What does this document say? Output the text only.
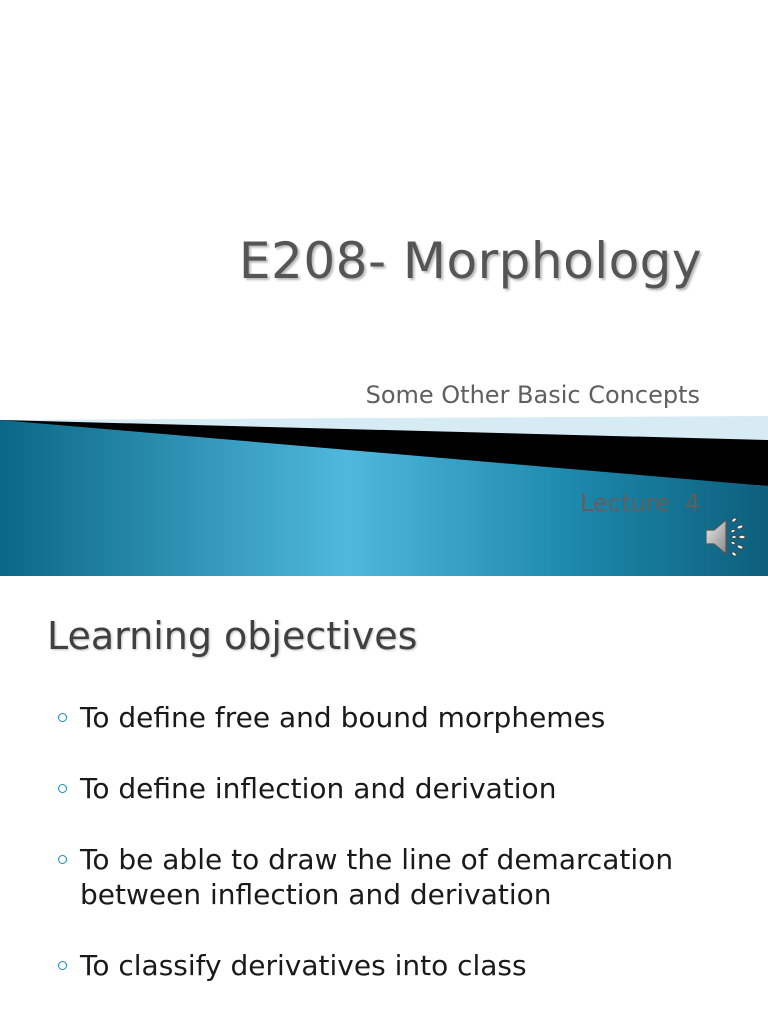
E208- Morphology

Some Other Basic Concepts

Lecture  4

Learning objectives
To define free and bound morphemes
To define inflection and derivation
To be able to draw the line of demarcation between inflection and derivation
To classify derivatives into class
